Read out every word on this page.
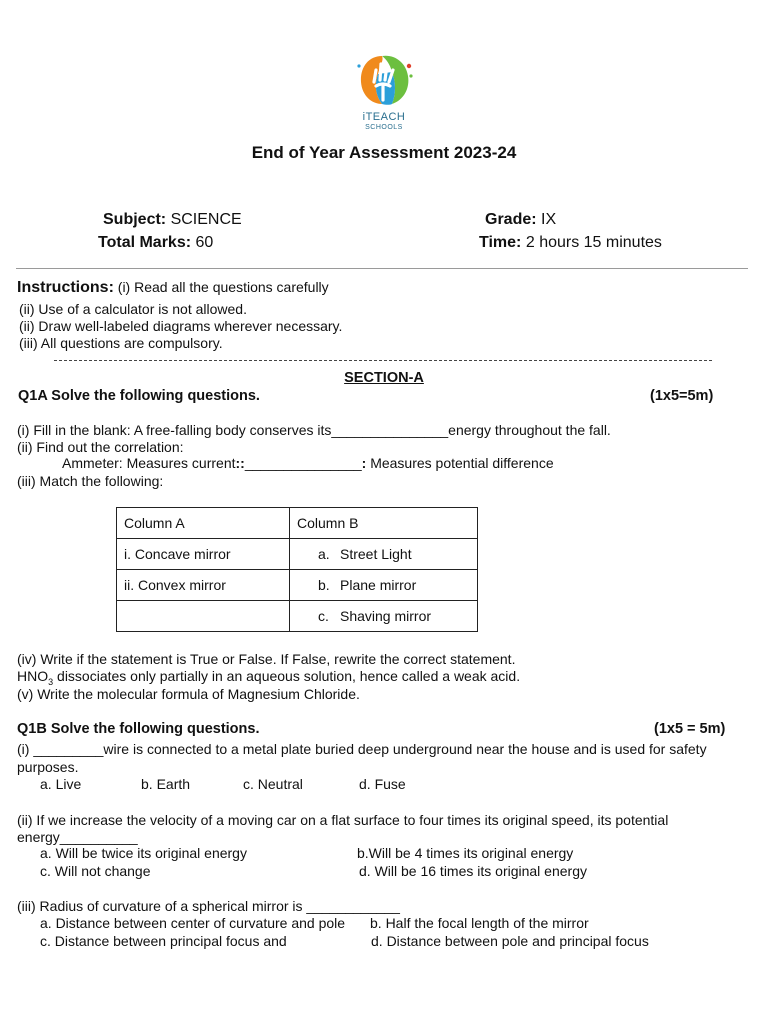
iTEACH
SCHOOLS
End of Year Assessment 2023-24
Subject: SCIENCE	Grade: IX
Total Marks: 60	Time: 2 hours 15 minutes
Instructions: (i) Read all the questions carefully
(ii) Use of a calculator is not allowed.
(ii) Draw well-labeled diagrams wherever necessary.
(iii) All questions are compulsory.
SECTION-A
Q1A Solve the following questions.	(1x5=5m)
(i) Fill in the blank: A free-falling body conserves its_______________energy throughout the fall.
(ii) Find out the correlation:
Ammeter: Measures current::_______________: Measures potential difference
(iii) Match the following:
Column A	Column B
i. Concave mirror	a. Street Light
ii. Convex mirror	b. Plane mirror
	c. Shaving mirror
(iv) Write if the statement is True or False. If False, rewrite the correct statement.
$HNO_3$ dissociates only partially in an aqueous solution, hence called a weak acid.
(v) Write the molecular formula of Magnesium Chloride.
Q1B Solve the following questions.	(1x5 = 5m)
(i) _________wire is connected to a metal plate buried deep underground near the house and is used for safety
purposes.
a. Live	b. Earth	c. Neutral	d. Fuse
(ii) If we increase the velocity of a moving car on a flat surface to four times its original speed, its potential
energy__________
a. Will be twice its original energy	b.Will be 4 times its original energy
c. Will not change	d. Will be 16 times its original energy
(iii) Radius of curvature of a spherical mirror is ____________
a. Distance between center of curvature and pole b. Half the focal length of the mirror
c. Distance between principal focus and	d. Distance between pole and principal focus
